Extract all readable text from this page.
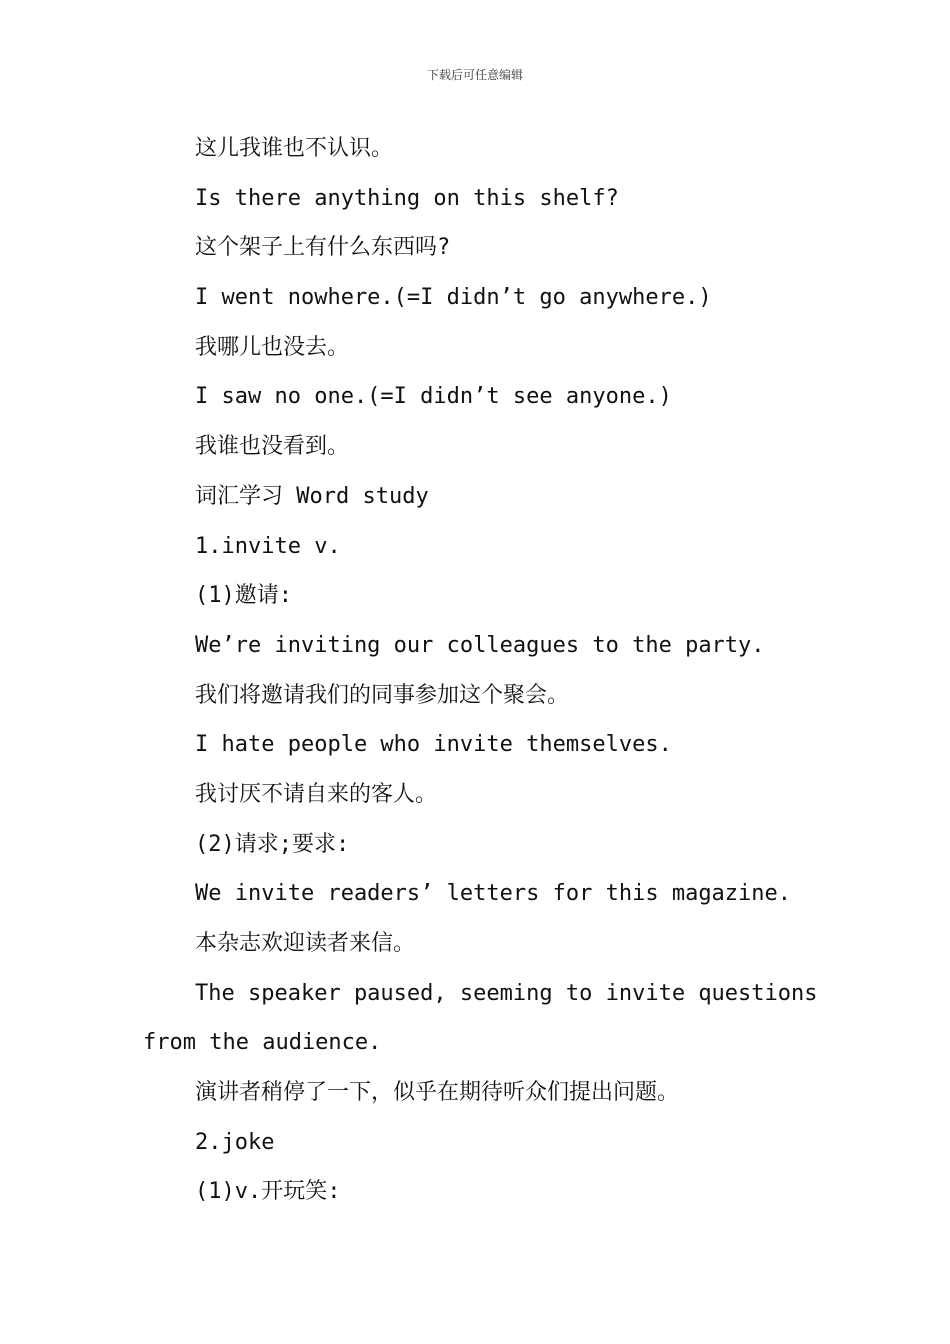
下载后可任意编辑
这儿我谁也不认识。
Is there anything on this shelf?
这个架子上有什么东西吗?
I went nowhere.(=I didn’t go anywhere.)
我哪儿也没去。
I saw no one.(=I didn’t see anyone.)
我谁也没看到。
词汇学习 Word study
1.invite v.
(1)邀请:
We’re inviting our colleagues to the party.
我们将邀请我们的同事参加这个聚会。
I hate people who invite themselves.
我讨厌不请自来的客人。
(2)请求;要求:
We invite readers’ letters for this magazine.
本杂志欢迎读者来信。
The speaker paused, seeming to invite questions
from the audience.
演讲者稍停了一下，似乎在期待听众们提出问题。
2.joke
(1)v.开玩笑:
